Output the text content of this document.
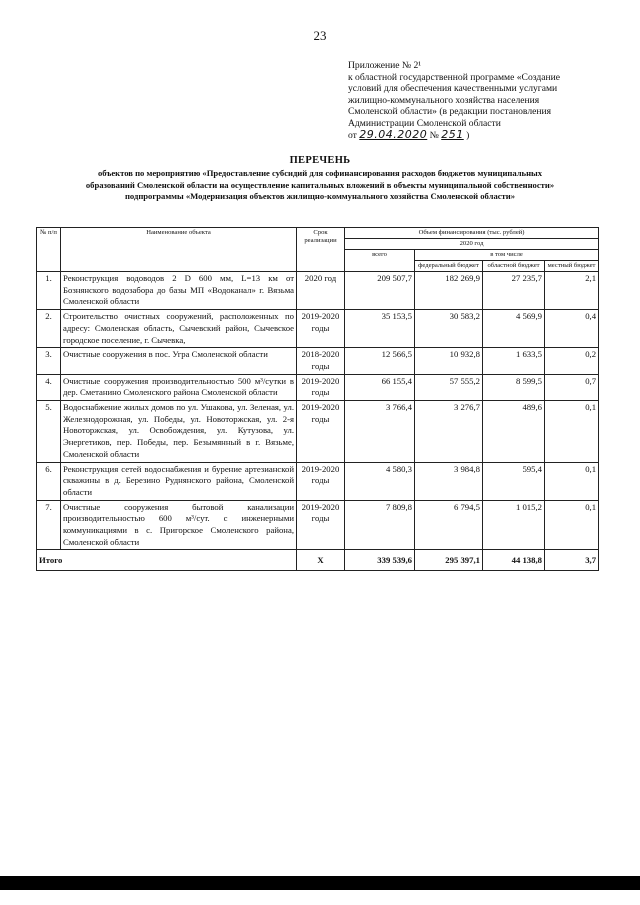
23
Приложение № 2¹
к областной государственной программе «Создание
условий для обеспечения качественными услугами
жилищно-коммунального хозяйства населения
Смоленской области» (в редакции постановления
Администрации Смоленской области
от 29.04.2020 № 251 )
ПЕРЕЧЕНЬ
объектов по мероприятию «Предоставление субсидий для софинансирования расходов бюджетов муниципальных
образований Смоленской области на осуществление капитальных вложений в объекты муниципальной собственности»
подпрограммы «Модернизация объектов жилищно-коммунального хозяйства Смоленской области»
№ п/п	Наименование объекта	Срок реализации	Объем финансирования (тыс. рублей)			
			2020 год			
			всего	в том числе		
				федеральный бюджет	областной бюджет	местный бюджет
1.	Реконструкция водоводов 2 D 600 мм, L=13 км от Бознянского водозабора до базы МП «Водоканал» г. Вязьма Смоленской области	2020 год	209 507,7	182 269,9	27 235,7	2,1
2.	Строительство очистных сооружений, расположенных по адресу: Смоленская область, Сычевский район, Сычевское городское поселение, г. Сычевка,	2019-2020 годы	35 153,5	30 583,2	4 569,9	0,4
3.	Очистные сооружения в пос. Угра Смоленской области	2018-2020 годы	12 566,5	10 932,8	1 633,5	0,2
4.	Очистные сооружения производительностью 500 м³/сутки в дер. Сметанино Смоленского района Смоленской области	2019-2020 годы	66 155,4	57 555,2	8 599,5	0,7
5.	Водоснабжение жилых домов по ул. Ушакова, ул. Зеленая, ул. Железнодорожная, ул. Победы, ул. Новоторжская, ул. 2-я Новоторжская, ул. Освобождения, ул. Кутузова, ул. Энергетиков, пер. Победы, пер. Безымянный в г. Вязьме, Смоленской области	2019-2020 годы	3 766,4	3 276,7	489,6	0,1
6.	Реконструкция сетей водоснабжения и бурение артезианской скважины в д. Березино Руднянского района, Смоленской области	2019-2020 годы	4 580,3	3 984,8	595,4	0,1
7.	Очистные сооружения бытовой канализации производительностью 600 м³/сут. с инженерными коммуникациями в с. Пригорское Смоленского района, Смоленской области	2019-2020 годы	7 809,8	6 794,5	1 015,2	0,1
Итого		X	339 539,6	295 397,1	44 138,8	3,7
